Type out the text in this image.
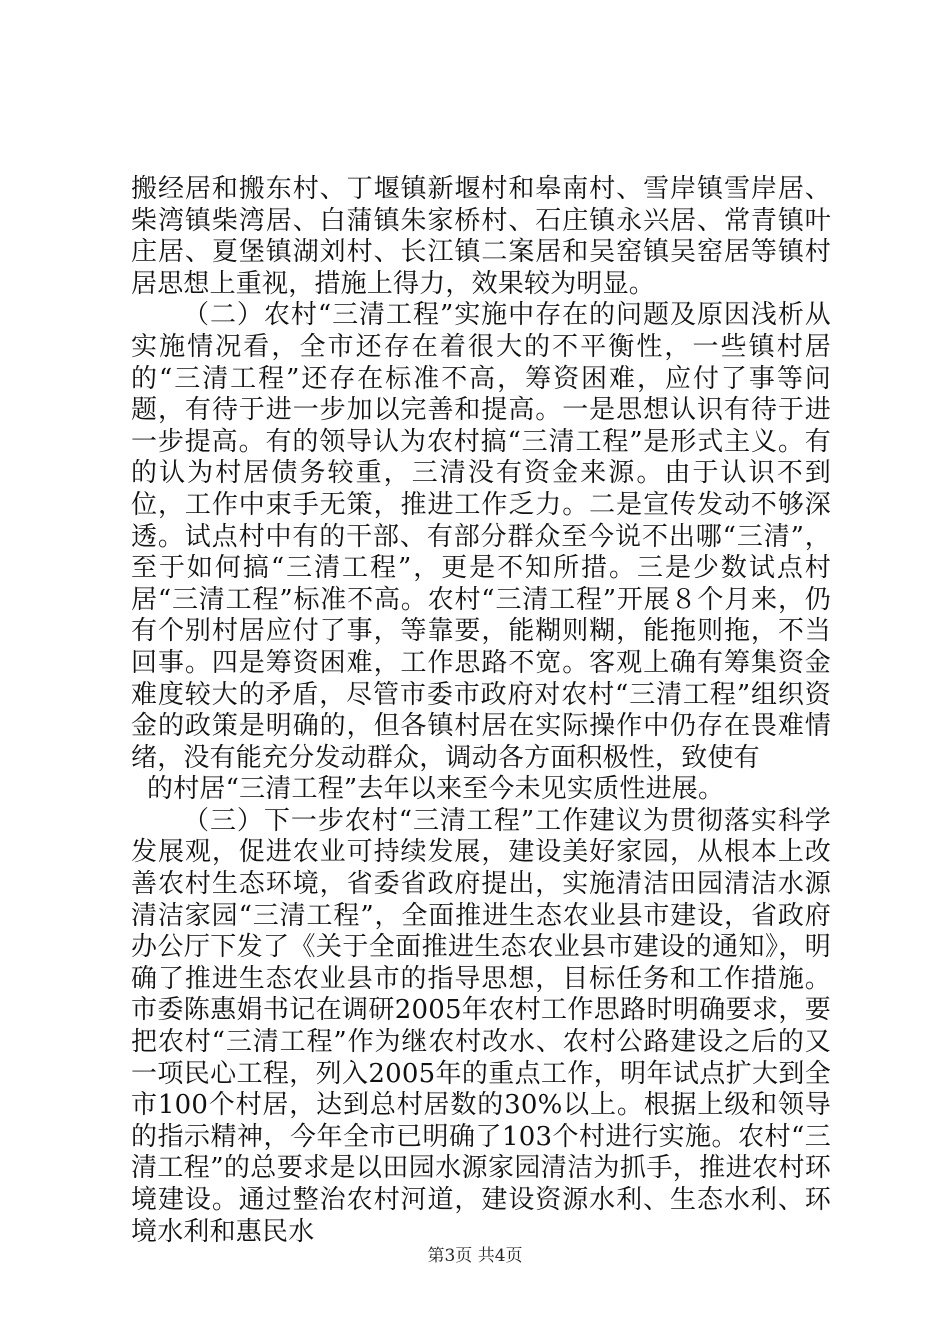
搬经居和搬东村、丁堰镇新堰村和皋南村、雪岸镇雪岸居、柴湾镇柴湾居、白蒲镇朱家桥村、石庄镇永兴居、常青镇叶庄居、夏堡镇湖刘村、长江镇二案居和吴窑镇吴窑居等镇村居思想上重视，措施上得力，效果较为明显。

（二）农村“三清工程”实施中存在的问题及原因浅析从实施情况看，全市还存在着很大的不平衡性，一些镇村居的“三清工程”还存在标准不高，筹资困难，应付了事等问题，有待于进一步加以完善和提高。一是思想认识有待于进一步提高。有的领导认为农村搞“三清工程”是形式主义。有的认为村居债务较重，三清没有资金来源。由于认识不到位，工作中束手无策，推进工作乏力。二是宣传发动不够深透。试点村中有的干部、有部分群众至今说不出哪“三清”，至于如何搞“三清工程”，更是不知所措。三是少数试点村居“三清工程”标准不高。农村“三清工程”开展８个月来，仍有个别村居应付了事，等靠要，能糊则糊，能拖则拖，不当回事。四是筹资困难，工作思路不宽。客观上确有筹集资金难度较大的矛盾，尽管市委市政府对农村“三清工程”组织资金的政策是明确的，但各镇村居在实际操作中仍存在畏难情绪，没有能充分发动群众，调动各方面积极性，致使有

的村居“三清工程”去年以来至今未见实质性进展。

（三）下一步农村“三清工程”工作建议为贯彻落实科学发展观，促进农业可持续发展，建设美好家园，从根本上改善农村生态环境，省委省政府提出，实施清洁田园清洁水源清洁家园“三清工程”，全面推进生态农业县市建设，省政府办公厅下发了《关于全面推进生态农业县市建设的通知》，明确了推进生态农业县市的指导思想，目标任务和工作措施。市委陈惠娟书记在调研2005年农村工作思路时明确要求，要把农村“三清工程”作为继农村改水、农村公路建设之后的又一项民心工程，列入2005年的重点工作，明年试点扩大到全市100个村居，达到总村居数的30%以上。根据上级和领导的指示精神，今年全市已明确了103个村进行实施。农村“三清工程”的总要求是以田园水源家园清洁为抓手，推进农村环境建设。通过整治农村河道，建设资源水利、生态水利、环境水利和惠民水

第3页 共4页
